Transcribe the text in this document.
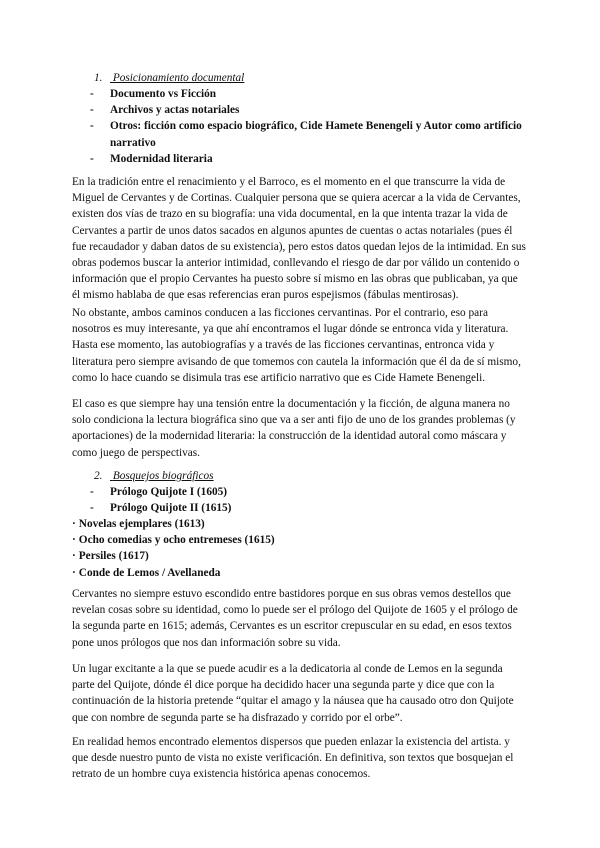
1. Posicionamiento documental
-	Documento vs Ficción
-	Archivos y actas notariales
-	Otros: ficción como espacio biográfico, Cide Hamete Benengeli y Autor como artificio narrativo
-	Modernidad literaria

En la tradición entre el renacimiento y el Barroco, es el momento en el que transcurre la vida de Miguel de Cervantes y de Cortinas. Cualquier persona que se quiera acercar a la vida de Cervantes, existen dos vías de trazo en su biografía: una vida documental, en la que intenta trazar la vida de Cervantes a partir de unos datos sacados en algunos apuntes de cuentas o actas notariales (pues él fue recaudador y daban datos de su existencia), pero estos datos quedan lejos de la intimidad. En sus obras podemos buscar la anterior intimidad, conllevando el riesgo de dar por válido un contenido o información que el propio Cervantes ha puesto sobre sí mismo en las obras que publicaban, ya que él mismo hablaba de que esas referencias eran puros espejismos (fábulas mentirosas).

No obstante, ambos caminos conducen a las ficciones cervantinas. Por el contrario, eso para nosotros es muy interesante, ya que ahí encontramos el lugar dónde se entronca vida y literatura. Hasta ese momento, las autobiografías y a través de las ficciones cervantinas, entronca vida y literatura pero siempre avisando de que tomemos con cautela la información que él da de sí mismo, como lo hace cuando se disimula tras ese artificio narrativo que es Cide Hamete Benengeli.

El caso es que siempre hay una tensión entre la documentación y la ficción, de alguna manera no solo condiciona la lectura biográfica sino que va a ser anti fijo de uno de los grandes problemas (y aportaciones) de la modernidad literaria: la construcción de la identidad autoral como máscara y como juego de perspectivas.

2. Bosquejos biográficos
-	Prólogo Quijote I (1605)
-	Prólogo Quijote II (1615)
· Novelas ejemplares (1613)
· Ocho comedias y ocho entremeses (1615)
· Persiles (1617)
· Conde de Lemos / Avellaneda

Cervantes no siempre estuvo escondido entre bastidores porque en sus obras vemos destellos que revelan cosas sobre su identidad, como lo puede ser el prólogo del Quijote de 1605 y el prólogo de la segunda parte en 1615; además, Cervantes es un escritor crepuscular en su edad, en esos textos pone unos prólogos que nos dan información sobre su vida.

Un lugar excitante a la que se puede acudir es a la dedicatoria al conde de Lemos en la segunda parte del Quijote, dónde él dice porque ha decidido hacer una segunda parte y dice que con la continuación de la historia pretende “quitar el amago y la náusea que ha causado otro don Quijote que con nombre de segunda parte se ha disfrazado y corrido por el orbe”.

En realidad hemos encontrado elementos dispersos que pueden enlazar la existencia del artista. y que desde nuestro punto de vista no existe verificación. En definitiva, son textos que bosquejan el retrato de un hombre cuya existencia histórica apenas conocemos.
